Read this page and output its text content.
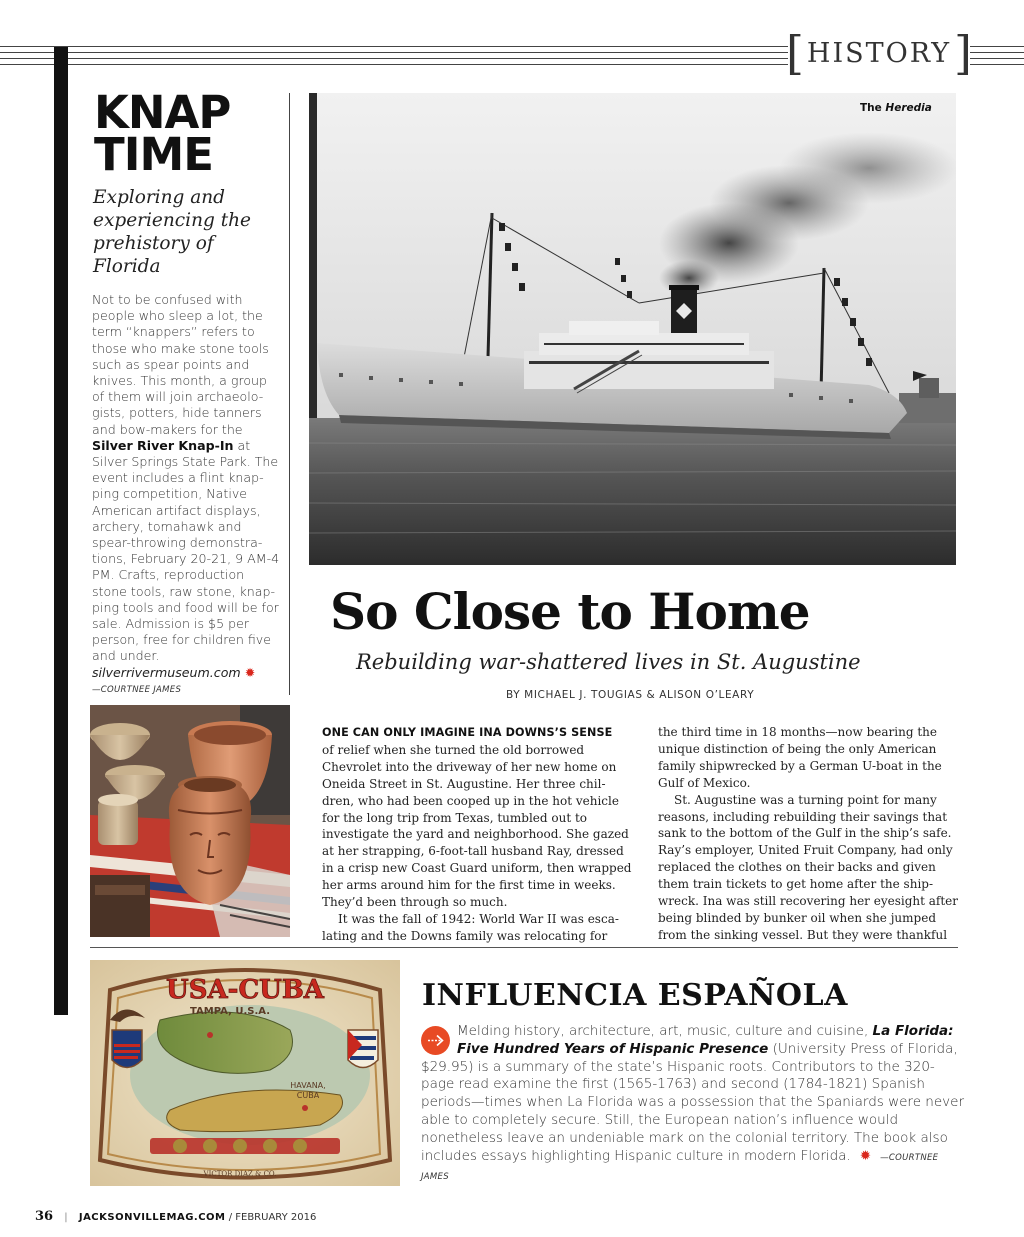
[ HISTORY ]
KNAP
TIME
Exploring and experiencing the prehistory of Florida
Not to be confused with people who sleep a lot, the term “knappers” refers to those who make stone tools such as spear points and knives. This month, a group of them will join archaeolo-gists, potters, hide tanners and bow-makers for the Silver River Knap-In at Silver Springs State Park. The event includes a flint knap-ping competition, Native American artifact displays, archery, tomahawk and spear-throwing demonstra-tions, February 20-21, 9 AM-4 PM. Crafts, reproduction stone tools, raw stone, knap-ping tools and food will be for sale. Admission is $5 per person, free for children five and under.
silverrivermuseum.com ✹
—COURTNEE JAMES
The Heredia
So Close to Home
Rebuilding war-shattered lives in St. Augustine
BY MICHAEL J. TOUGIAS & ALISON O’LEARY

ONE CAN ONLY IMAGINE INA DOWNS’S SENSE
of relief when she turned the old borrowed Chevrolet into the driveway of her new home on Oneida Street in St. Augustine. Her three chil-dren, who had been cooped up in the hot vehicle for the long trip from Texas, tumbled out to investigate the yard and neighborhood. She gazed at her strapping, 6-foot-tall husband Ray, dressed in a crisp new Coast Guard uniform, then wrapped her arms around him for the first time in weeks. They’d been through so much.

It was the fall of 1942: World War II was esca-lating and the Downs family was relocating for

the third time in 18 months—now bearing the unique distinction of being the only American family shipwrecked by a German U-boat in the Gulf of Mexico.

St. Augustine was a turning point for many reasons, including rebuilding their savings that sank to the bottom of the Gulf in the ship’s safe. Ray’s employer, United Fruit Company, had only replaced the clothes on their backs and given them train tickets to get home after the ship-wreck. Ina was still recovering her eyesight after being blinded by bunker oil when she jumped from the sinking vessel. But they were thankful

USA-CUBA
TAMPA, U.S.A.
HAVANA,
CUBA
VICTOR DIAZ & CO.
INFLUENCIA ESPAÑOLA
Melding history, architecture, art, music, culture and cuisine, La Florida: Five Hundred Years of Hispanic Presence (University Press of Florida, $29.95) is a summary of the state’s Hispanic roots. Contributors to the 320-page read examine the first (1565-1763) and second (1784-1821) Spanish periods—times when La Florida was a possession that the Spaniards were never able to completely secure. Still, the European nation’s influence would nonetheless leave an undeniable mark on the colonial territory. The book also includes essays highlighting Hispanic culture in modern Florida.  ✹  —COURTNEE JAMES
36 | JACKSONVILLEMAG.COM / FEBRUARY 2016
